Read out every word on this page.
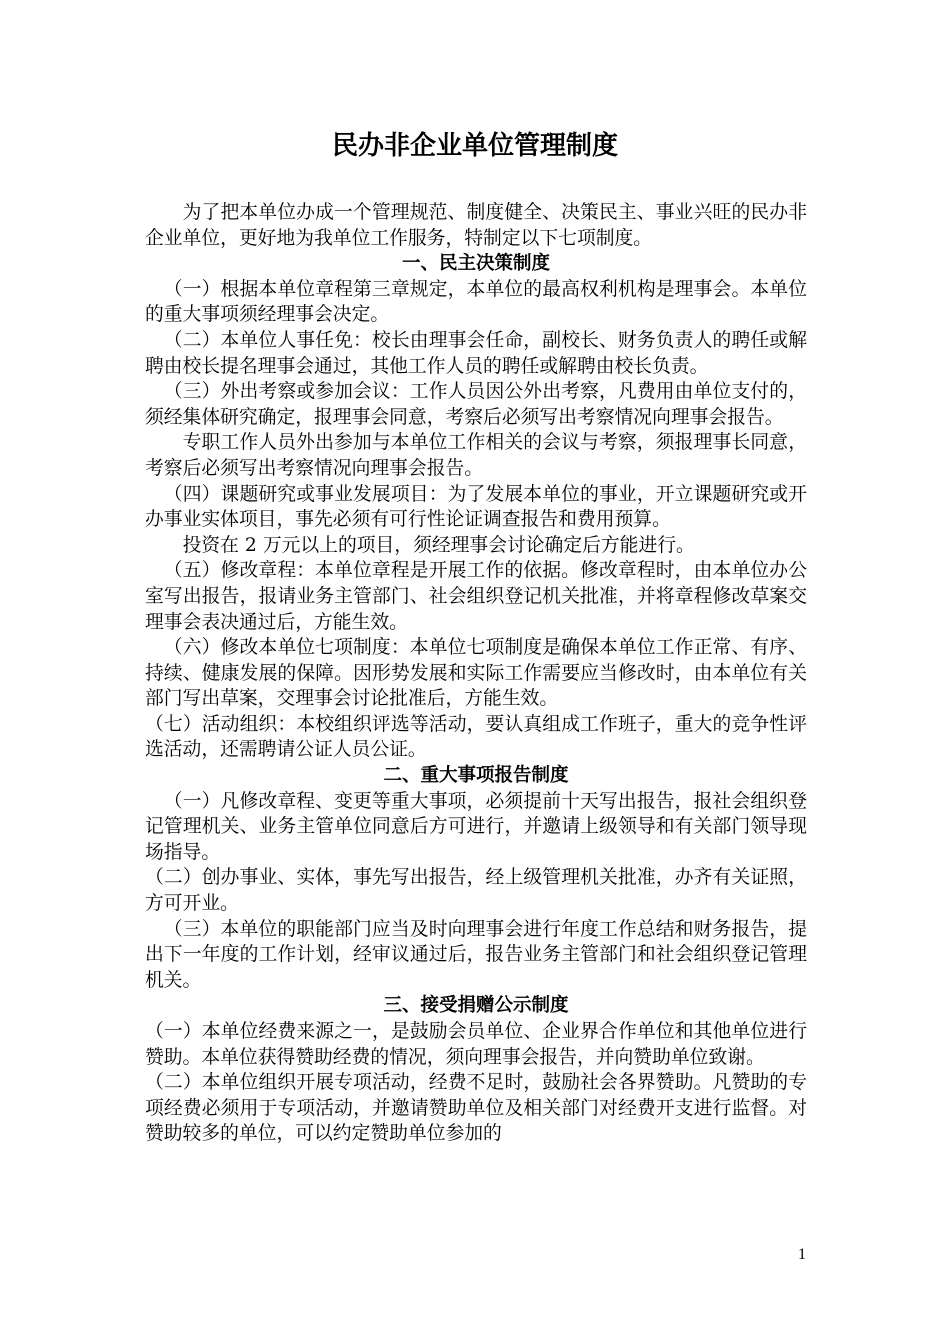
民办非企业单位管理制度

为了把本单位办成一个管理规范、制度健全、决策民主、事业兴旺的民办非企业单位，更好地为我单位工作服务，特制定以下七项制度。

一、民主决策制度

（一）根据本单位章程第三章规定，本单位的最高权利机构是理事会。本单位的重大事项须经理事会决定。

（二）本单位人事任免：校长由理事会任命，副校长、财务负责人的聘任或解聘由校长提名理事会通过，其他工作人员的聘任或解聘由校长负责。

（三）外出考察或参加会议：工作人员因公外出考察，凡费用由单位支付的，须经集体研究确定，报理事会同意，考察后必须写出考察情况向理事会报告。

专职工作人员外出参加与本单位工作相关的会议与考察，须报理事长同意，考察后必须写出考察情况向理事会报告。

（四）课题研究或事业发展项目：为了发展本单位的事业，开立课题研究或开办事业实体项目，事先必须有可行性论证调查报告和费用预算。

投资在 2 万元以上的项目，须经理事会讨论确定后方能进行。

（五）修改章程：本单位章程是开展工作的依据。修改章程时，由本单位办公室写出报告，报请业务主管部门、社会组织登记机关批准，并将章程修改草案交理事会表决通过后，方能生效。

（六）修改本单位七项制度：本单位七项制度是确保本单位工作正常、有序、持续、健康发展的保障。因形势发展和实际工作需要应当修改时，由本单位有关部门写出草案，交理事会讨论批准后，方能生效。

（七）活动组织：本校组织评选等活动，要认真组成工作班子，重大的竞争性评选活动，还需聘请公证人员公证。

二、重大事项报告制度

（一）凡修改章程、变更等重大事项，必须提前十天写出报告，报社会组织登记管理机关、业务主管单位同意后方可进行，并邀请上级领导和有关部门领导现场指导。

（二）创办事业、实体，事先写出报告，经上级管理机关批准，办齐有关证照，方可开业。

（三）本单位的职能部门应当及时向理事会进行年度工作总结和财务报告，提出下一年度的工作计划，经审议通过后，报告业务主管部门和社会组织登记管理机关。

三、接受捐赠公示制度

（一）本单位经费来源之一，是鼓励会员单位、企业界合作单位和其他单位进行赞助。本单位获得赞助经费的情况，须向理事会报告，并向赞助单位致谢。

（二）本单位组织开展专项活动，经费不足时，鼓励社会各界赞助。凡赞助的专项经费必须用于专项活动，并邀请赞助单位及相关部门对经费开支进行监督。对赞助较多的单位，可以约定赞助单位参加的

1
